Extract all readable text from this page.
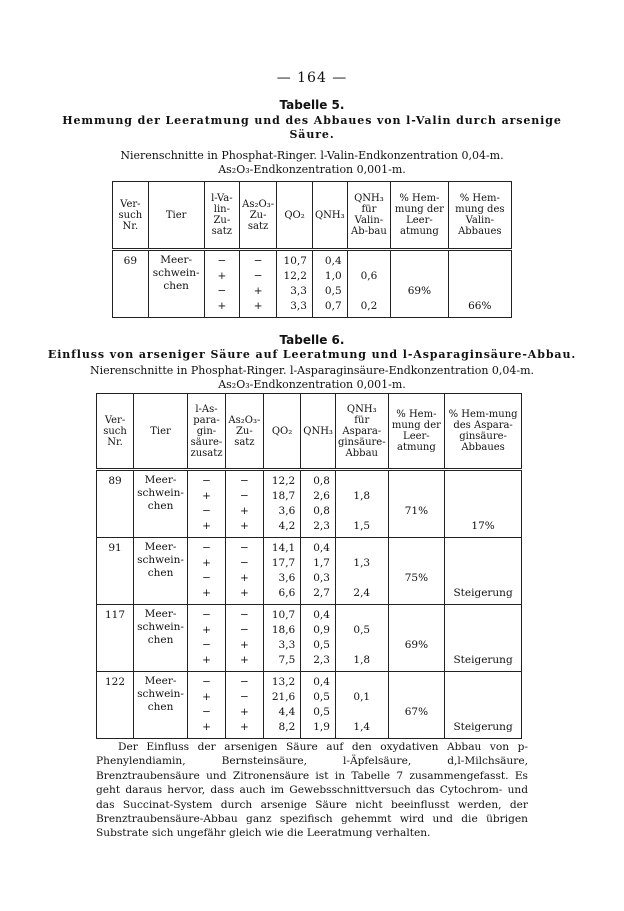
— 164 —
Tabelle 5.
Hemmung der Leeratmung und des Abbaues von l-Valin durch arsenige Säure.
Nierenschnitte in Phosphat-Ringer. l-Valin-Endkonzentration 0,04-m.
As₂O₃-Endkonzentration 0,001-m.
Ver-such Nr.	Tier	l-Va-lin-Zu-satz	As₂O₃-Zu-satz	QO₂	QNH₃	QNH₃ für Valin-Ab-bau	% Hem-mung der Leer-atmung	% Hem-mung des Valin-Abbaues
69	Meer-schwein-chen	−	−	10,7	0,4			
		+	−	12,2	1,0	0,6		
		−	+	3,3	0,5		69%	
		+	+	3,3	0,7	0,2		66%
Tabelle 6.
Einfluss von arseniger Säure auf Leeratmung und l-Asparaginsäure-Abbau.
Nierenschnitte in Phosphat-Ringer. l-Asparaginsäure-Endkonzentration 0,04-m.
As₂O₃-Endkonzentration 0,001-m.
Ver-such Nr.	Tier	l-As-para-gin-säure-zusatz	As₂O₃-Zu-satz	QO₂	QNH₃	QNH₃ für Aspara-ginsäure-Abbau	% Hem-mung der Leer-atmung	% Hem-mung des Aspara-ginsäure-Abbaues
89	Meer-schwein-chen	−	−	12,2	0,8			
		+	−	18,7	2,6	1,8		
		−	+	3,6	0,8		71%	
		+	+	4,2	2,3	1,5		17%
91	Meer-schwein-chen	−	−	14,1	0,4			
		+	−	17,7	1,7	1,3		
		−	+	3,6	0,3		75%	
		+	+	6,6	2,7	2,4		Steigerung
117	Meer-schwein-chen	−	−	10,7	0,4			
		+	−	18,6	0,9	0,5		
		−	+	3,3	0,5		69%	
		+	+	7,5	2,3	1,8		Steigerung
122	Meer-schwein-chen	−	−	13,2	0,4			
		+	−	21,6	0,5	0,1		
		−	+	4,4	0,5		67%	
		+	+	8,2	1,9	1,4		Steigerung

Der Einfluss der arsenigen Säure auf den oxydativen Abbau von p-Phenylendiamin, Bernsteinsäure, l-Äpfelsäure, d,l-Milchsäure, Brenztraubensäure und Zitronensäure ist in Tabelle 7 zusammengefasst. Es geht daraus hervor, dass auch im Gewebsschnittversuch das Cytochrom- und das Succinat-System durch arsenige Säure nicht beeinflusst werden, der Brenztraubensäure-Abbau ganz spezifisch gehemmt wird und die übrigen Substrate sich ungefähr gleich wie die Leeratmung verhalten.
